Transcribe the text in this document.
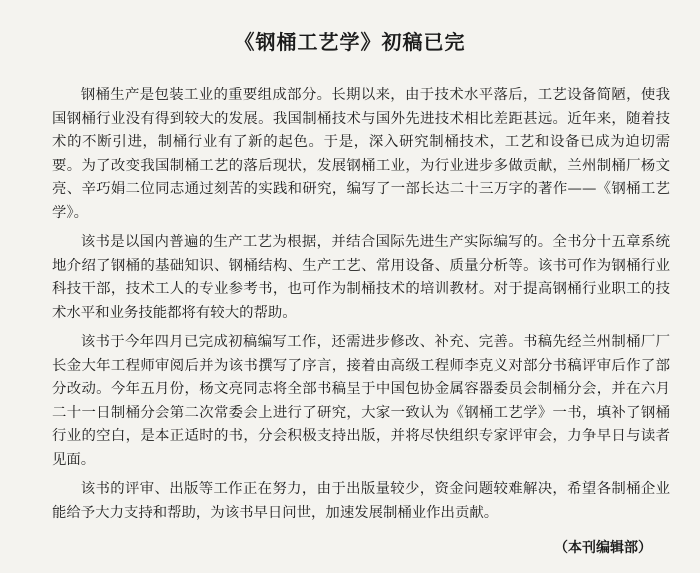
《钢桶工艺学》初稿已完

钢桶生产是包装工业的重要组成部分。长期以来，由于技术水平落后，工艺设备简陋，使我国钢桶行业没有得到较大的发展。我国制桶技术与国外先进技术相比差距甚远。近年来，随着技术的不断引进，制桶行业有了新的起色。于是，深入研究制桶技术，工艺和设备已成为迫切需要。为了改变我国制桶工艺的落后现状，发展钢桶工业，为行业进步多做贡献，兰州制桶厂杨文亮、辛巧娟二位同志通过刻苦的实践和研究，编写了一部长达二十三万字的著作——《钢桶工艺学》。

该书是以国内普遍的生产工艺为根据，并结合国际先进生产实际编写的。全书分十五章系统地介绍了钢桶的基础知识、钢桶结构、生产工艺、常用设备、质量分析等。该书可作为钢桶行业科技干部，技术工人的专业参考书，也可作为制桶技术的培训教材。对于提高钢桶行业职工的技术水平和业务技能都将有较大的帮助。

该书于今年四月已完成初稿编写工作，还需进步修改、补充、完善。书稿先经兰州制桶厂厂长金大年工程师审阅后并为该书撰写了序言，接着由高级工程师李克义对部分书稿评审后作了部分改动。今年五月份，杨文亮同志将全部书稿呈于中国包协金属容器委员会制桶分会，并在六月二十一日制桶分会第二次常委会上进行了研究，大家一致认为《钢桶工艺学》一书，填补了钢桶行业的空白，是本正适时的书，分会积极支持出版，并将尽快组织专家评审会，力争早日与读者见面。

该书的评审、出版等工作正在努力，由于出版量较少，资金问题较难解决，希望各制桶企业能给予大力支持和帮助，为该书早日问世，加速发展制桶业作出贡献。

（本刊编辑部）
